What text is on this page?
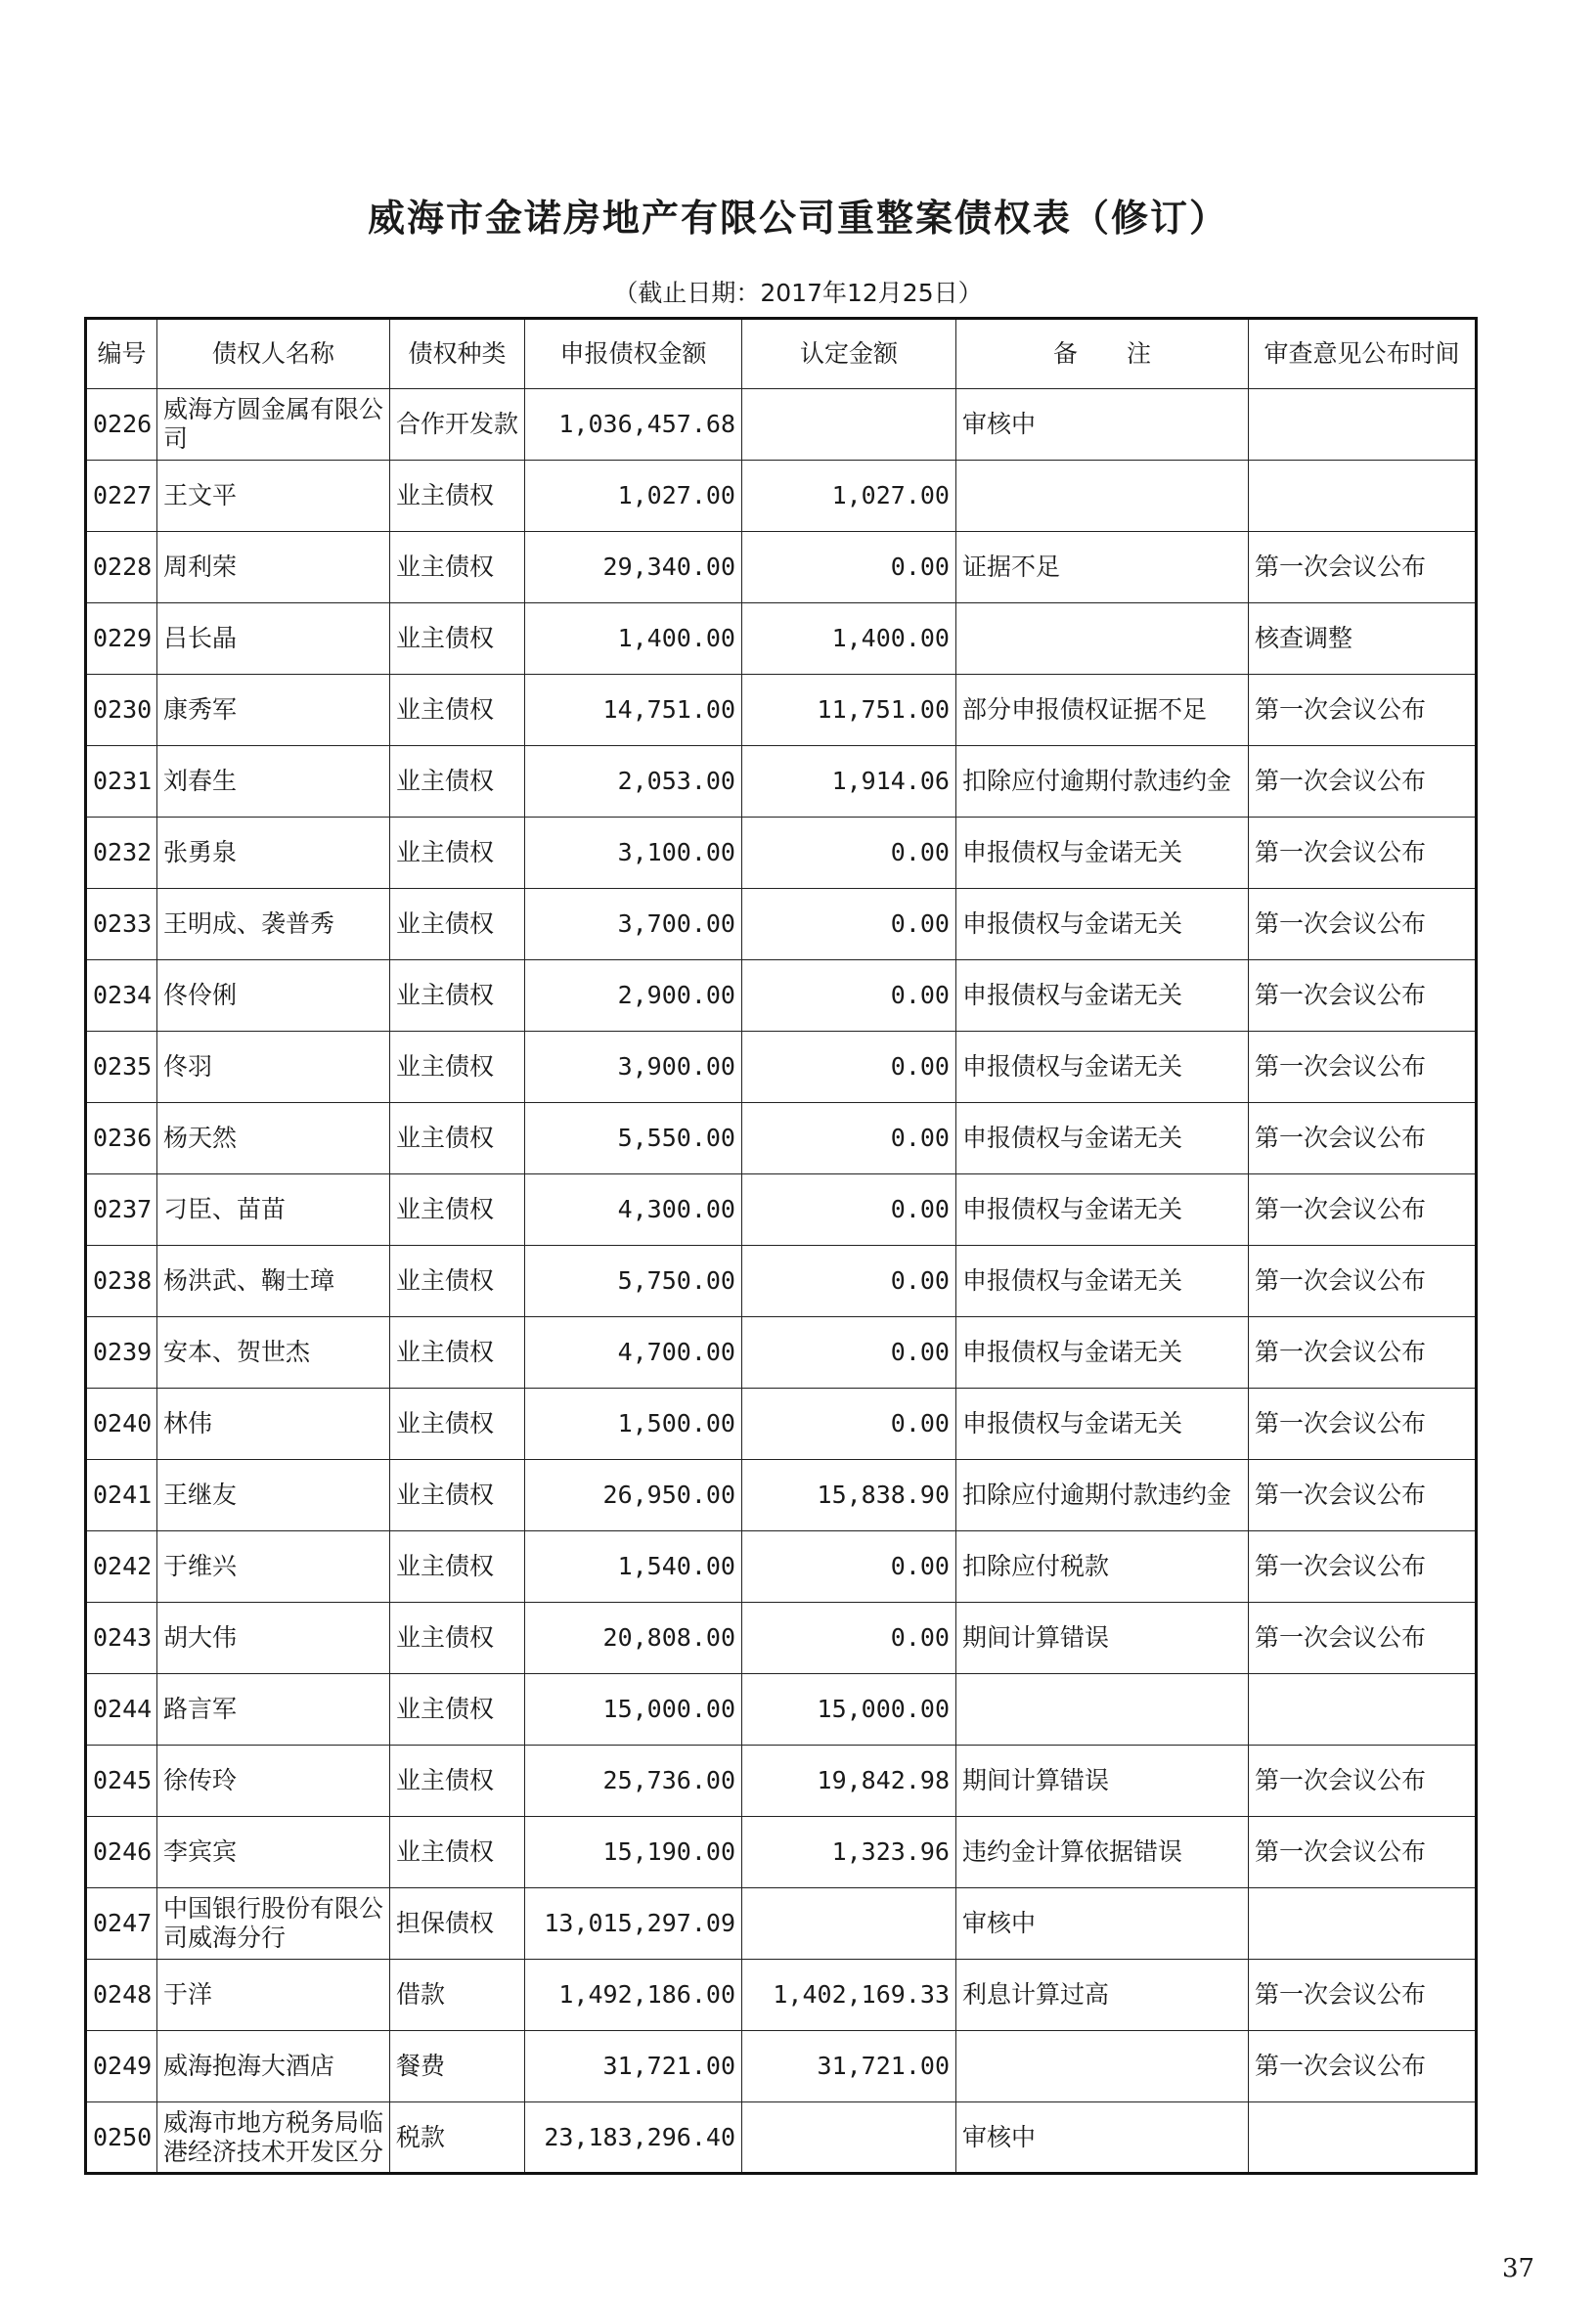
威海市金诺房地产有限公司重整案债权表（修订）
（截止日期：2017年12月25日）
编号	债权人名称	债权种类	申报债权金额	认定金额	备　　注	审查意见公布时间
0226	威海方圆金属有限公司	合作开发款	1,036,457.68		审核中	
0227	王文平	业主债权	1,027.00	1,027.00		
0228	周利荣	业主债权	29,340.00	0.00	证据不足	第一次会议公布
0229	吕长晶	业主债权	1,400.00	1,400.00		核查调整
0230	康秀军	业主债权	14,751.00	11,751.00	部分申报债权证据不足	第一次会议公布
0231	刘春生	业主债权	2,053.00	1,914.06	扣除应付逾期付款违约金	第一次会议公布
0232	张勇泉	业主债权	3,100.00	0.00	申报债权与金诺无关	第一次会议公布
0233	王明成、袭普秀	业主债权	3,700.00	0.00	申报债权与金诺无关	第一次会议公布
0234	佟伶俐	业主债权	2,900.00	0.00	申报债权与金诺无关	第一次会议公布
0235	佟羽	业主债权	3,900.00	0.00	申报债权与金诺无关	第一次会议公布
0236	杨天然	业主债权	5,550.00	0.00	申报债权与金诺无关	第一次会议公布
0237	刁臣、苗苗	业主债权	4,300.00	0.00	申报债权与金诺无关	第一次会议公布
0238	杨洪武、鞠士璋	业主债权	5,750.00	0.00	申报债权与金诺无关	第一次会议公布
0239	安本、贺世杰	业主债权	4,700.00	0.00	申报债权与金诺无关	第一次会议公布
0240	林伟	业主债权	1,500.00	0.00	申报债权与金诺无关	第一次会议公布
0241	王继友	业主债权	26,950.00	15,838.90	扣除应付逾期付款违约金	第一次会议公布
0242	于维兴	业主债权	1,540.00	0.00	扣除应付税款	第一次会议公布
0243	胡大伟	业主债权	20,808.00	0.00	期间计算错误	第一次会议公布
0244	路言军	业主债权	15,000.00	15,000.00		
0245	徐传玲	业主债权	25,736.00	19,842.98	期间计算错误	第一次会议公布
0246	李宾宾	业主债权	15,190.00	1,323.96	违约金计算依据错误	第一次会议公布
0247	中国银行股份有限公司威海分行	担保债权	13,015,297.09		审核中	
0248	于洋	借款	1,492,186.00	1,402,169.33	利息计算过高	第一次会议公布
0249	威海抱海大酒店	餐费	31,721.00	31,721.00		第一次会议公布
0250	威海市地方税务局临港经济技术开发区分	税款	23,183,296.40		审核中	
37
